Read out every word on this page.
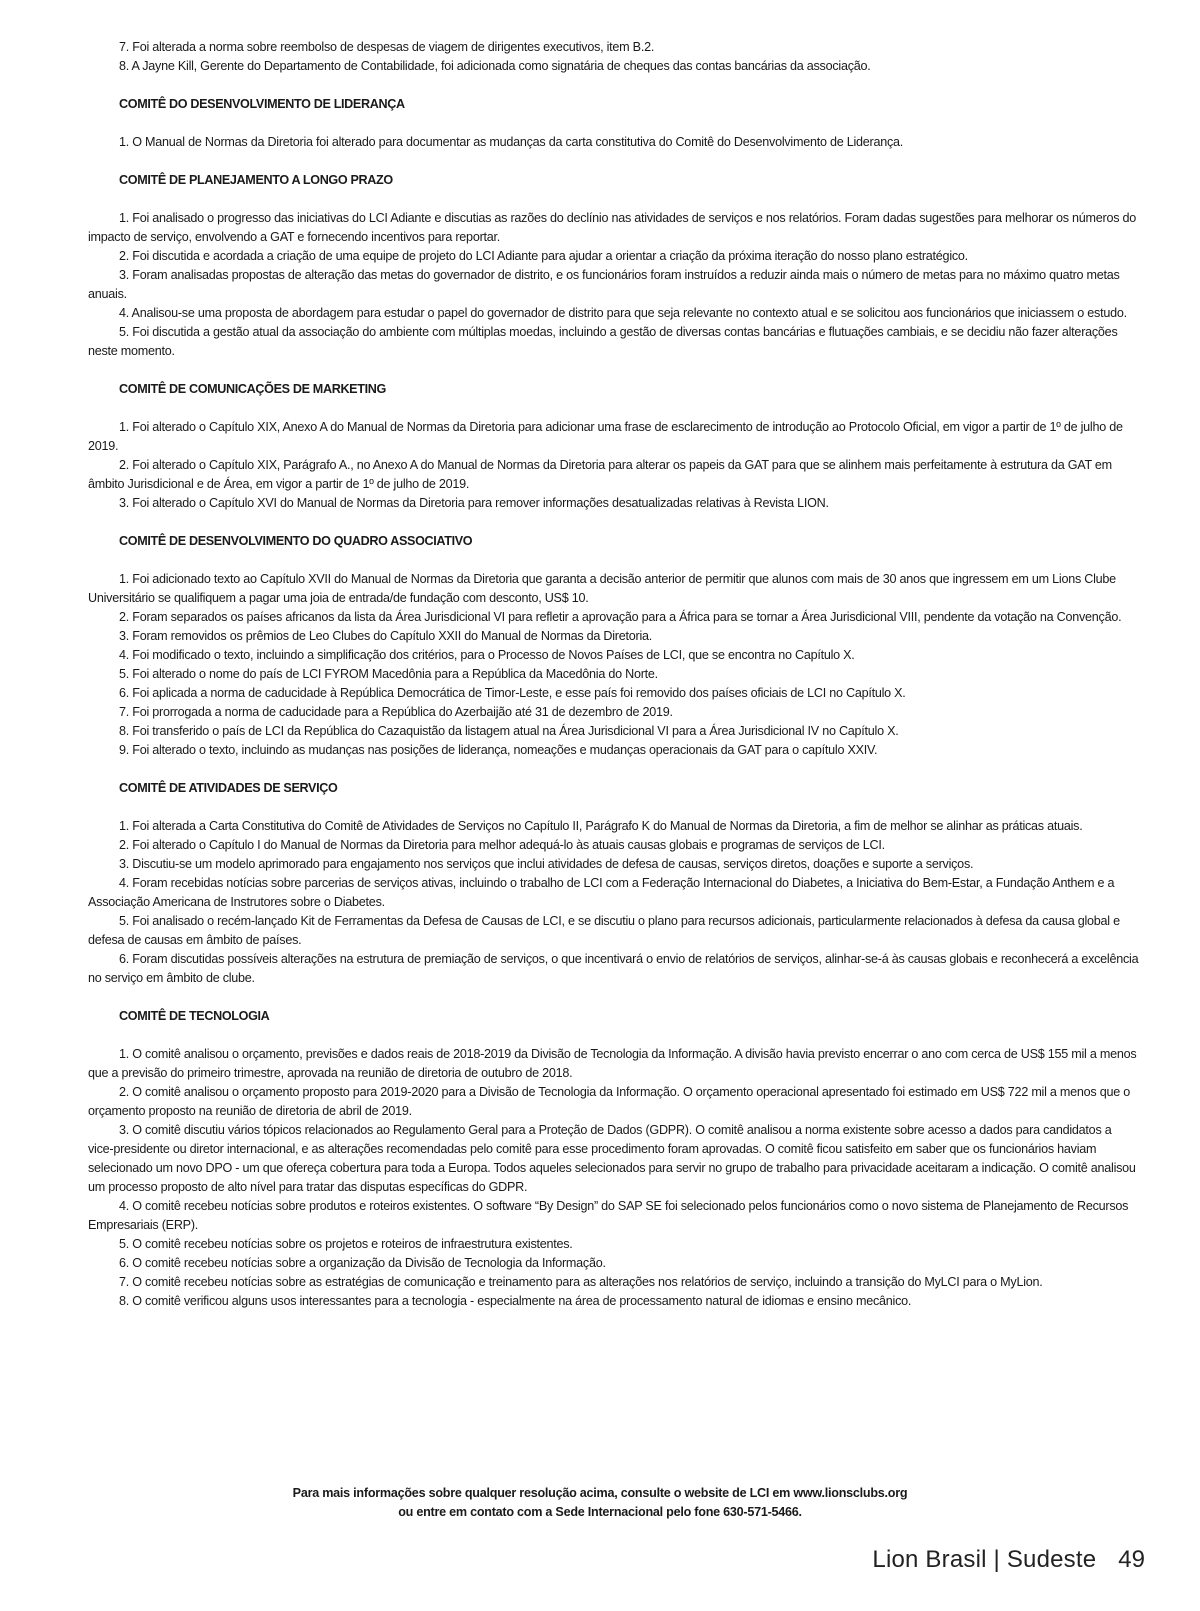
7. Foi alterada a norma sobre reembolso de despesas de viagem de dirigentes executivos, item B.2.

8. A Jayne Kill, Gerente do Departamento de Contabilidade, foi adicionada como signatária de cheques das contas bancárias da associação.

COMITÊ DO DESENVOLVIMENTO DE LIDERANÇA

1. O Manual de Normas da Diretoria foi alterado para documentar as mudanças da carta constitutiva do Comitê do Desenvolvimento de Liderança.

COMITÊ DE PLANEJAMENTO A LONGO PRAZO

1. Foi analisado o progresso das iniciativas do LCI Adiante e discutias as razões do declínio nas atividades de serviços e nos relatórios. Foram dadas sugestões para melhorar os números do impacto de serviço, envolvendo a GAT e fornecendo incentivos para reportar.

2. Foi discutida e acordada a criação de uma equipe de projeto do LCI Adiante para ajudar a orientar a criação da próxima iteração do nosso plano estratégico.

3. Foram analisadas propostas de alteração das metas do governador de distrito, e os funcionários foram instruídos a reduzir ainda mais o número de metas para no máximo quatro metas anuais.

4. Analisou-se uma proposta de abordagem para estudar o papel do governador de distrito para que seja relevante no contexto atual e se solicitou aos funcionários que iniciassem o estudo.

5. Foi discutida a gestão atual da associação do ambiente com múltiplas moedas, incluindo a gestão de diversas contas bancárias e flutuações cambiais, e se decidiu não fazer alterações neste momento.

COMITÊ DE COMUNICAÇÕES DE MARKETING

1. Foi alterado o Capítulo XIX, Anexo A do Manual de Normas da Diretoria para adicionar uma frase de esclarecimento de introdução ao Protocolo Oficial, em vigor a partir de 1º de julho de 2019.

2. Foi alterado o Capítulo XIX, Parágrafo A., no Anexo A do Manual de Normas da Diretoria para alterar os papeis da GAT para que se alinhem mais perfeitamente à estrutura da GAT em âmbito Jurisdicional e de Área, em vigor a partir de 1º de julho de 2019.

3. Foi alterado o Capítulo XVI do Manual de Normas da Diretoria para remover informações desatualizadas relativas à Revista LION.

COMITÊ DE DESENVOLVIMENTO DO QUADRO ASSOCIATIVO

1. Foi adicionado texto ao Capítulo XVII do Manual de Normas da Diretoria que garanta a decisão anterior de permitir que alunos com mais de 30 anos que ingressem em um Lions Clube Universitário se qualifiquem a pagar uma joia de entrada/de fundação com desconto, US$ 10.

2. Foram separados os países africanos da lista da Área Jurisdicional VI para refletir a aprovação para a África para se tornar a Área Jurisdicional VIII, pendente da votação na Convenção.

3. Foram removidos os prêmios de Leo Clubes do Capítulo XXII do Manual de Normas da Diretoria.

4. Foi modificado o texto, incluindo a simplificação dos critérios, para o Processo de Novos Países de LCI, que se encontra no Capítulo X.

5. Foi alterado o nome do país de LCI FYROM Macedônia para a República da Macedônia do Norte.

6. Foi aplicada a norma de caducidade à República Democrática de Timor-Leste, e esse país foi removido dos países oficiais de LCI no Capítulo X.

7. Foi prorrogada a norma de caducidade para a República do Azerbaijão até 31 de dezembro de 2019.

8. Foi transferido o país de LCI da República do Cazaquistão da listagem atual na Área Jurisdicional VI para a Área Jurisdicional IV no Capítulo X.

9. Foi alterado o texto, incluindo as mudanças nas posições de liderança, nomeações e mudanças operacionais da GAT para o capítulo XXIV.

COMITÊ DE ATIVIDADES DE SERVIÇO

1. Foi alterada a Carta Constitutiva do Comitê de Atividades de Serviços no Capítulo II, Parágrafo K do Manual de Normas da Diretoria, a fim de melhor se alinhar as práticas atuais.

2. Foi alterado o Capítulo I do Manual de Normas da Diretoria para melhor adequá-lo às atuais causas globais e programas de serviços de LCI.

3. Discutiu-se um modelo aprimorado para engajamento nos serviços que inclui atividades de defesa de causas, serviços diretos, doações e suporte a serviços.

4. Foram recebidas notícias sobre parcerias de serviços ativas, incluindo o trabalho de LCI com a Federação Internacional do Diabetes, a Iniciativa do Bem-Estar, a Fundação Anthem e a Associação Americana de Instrutores sobre o Diabetes.

5. Foi analisado o recém-lançado Kit de Ferramentas da Defesa de Causas de LCI, e se discutiu o plano para recursos adicionais, particularmente relacionados à defesa da causa global e defesa de causas em âmbito de países.

6. Foram discutidas possíveis alterações na estrutura de premiação de serviços, o que incentivará o envio de relatórios de serviços, alinhar-se-á às causas globais e reconhecerá a excelência no serviço em âmbito de clube.

COMITÊ DE TECNOLOGIA

1. O comitê analisou o orçamento, previsões e dados reais de 2018-2019 da Divisão de Tecnologia da Informação. A divisão havia previsto encerrar o ano com cerca de US$ 155 mil a menos que a previsão do primeiro trimestre, aprovada na reunião de diretoria de outubro de 2018.

2. O comitê analisou o orçamento proposto para 2019-2020 para a Divisão de Tecnologia da Informação. O orçamento operacional apresentado foi estimado em US$ 722 mil a menos que o orçamento proposto na reunião de diretoria de abril de 2019.

3. O comitê discutiu vários tópicos relacionados ao Regulamento Geral para a Proteção de Dados (GDPR). O comitê analisou a norma existente sobre acesso a dados para candidatos a vice-presidente ou diretor internacional, e as alterações recomendadas pelo comitê para esse procedimento foram aprovadas. O comitê ficou satisfeito em saber que os funcionários haviam selecionado um novo DPO - um que ofereça cobertura para toda a Europa. Todos aqueles selecionados para servir no grupo de trabalho para privacidade aceitaram a indicação. O comitê analisou um processo proposto de alto nível para tratar das disputas específicas do GDPR.

4. O comitê recebeu notícias sobre produtos e roteiros existentes. O software “By Design” do SAP SE foi selecionado pelos funcionários como o novo sistema de Planejamento de Recursos Empresariais (ERP).

5. O comitê recebeu notícias sobre os projetos e roteiros de infraestrutura existentes.

6. O comitê recebeu notícias sobre a organização da Divisão de Tecnologia da Informação.

7. O comitê recebeu notícias sobre as estratégias de comunicação e treinamento para as alterações nos relatórios de serviço, incluindo a transição do MyLCI para o MyLion.

8. O comitê verificou alguns usos interessantes para a tecnologia - especialmente na área de processamento natural de idiomas e ensino mecânico.

Para mais informações sobre qualquer resolução acima, consulte o website de LCI em www.lionsclubs.org
ou entre em contato com a Sede Internacional pelo fone 630-571-5466.
Lion Brasil | Sudeste 49
